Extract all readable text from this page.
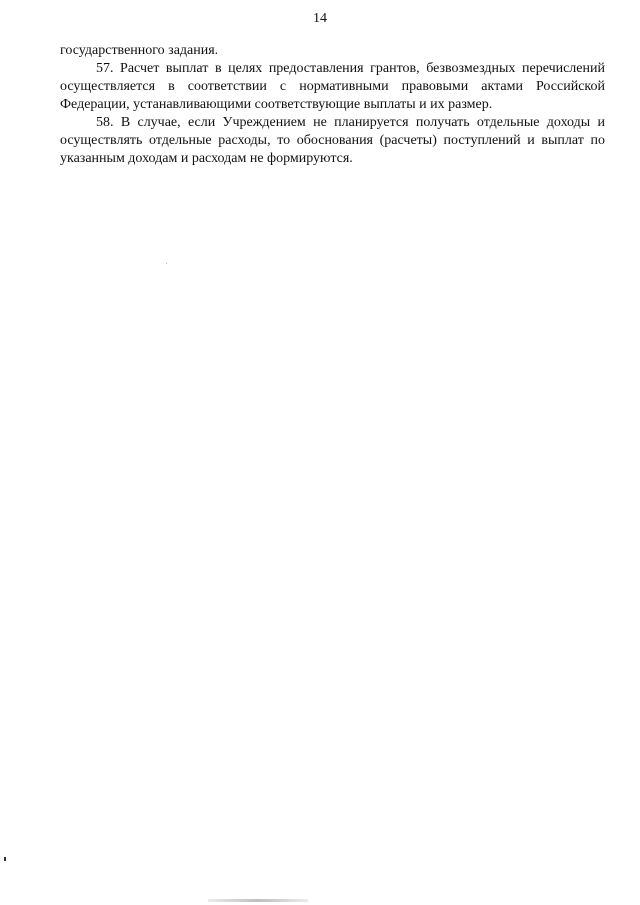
14

государственного задания.

57. Расчет выплат в целях предоставления грантов, безвозмездных перечислений осуществляется в соответствии с нормативными правовыми актами Российской Федерации, устанавливающими соответствующие выплаты и их размер.

58. В случае, если Учреждением не планируется получать отдельные доходы и осуществлять отдельные расходы, то обоснования (расчеты) поступлений и выплат по указанным доходам и расходам не формируются.
